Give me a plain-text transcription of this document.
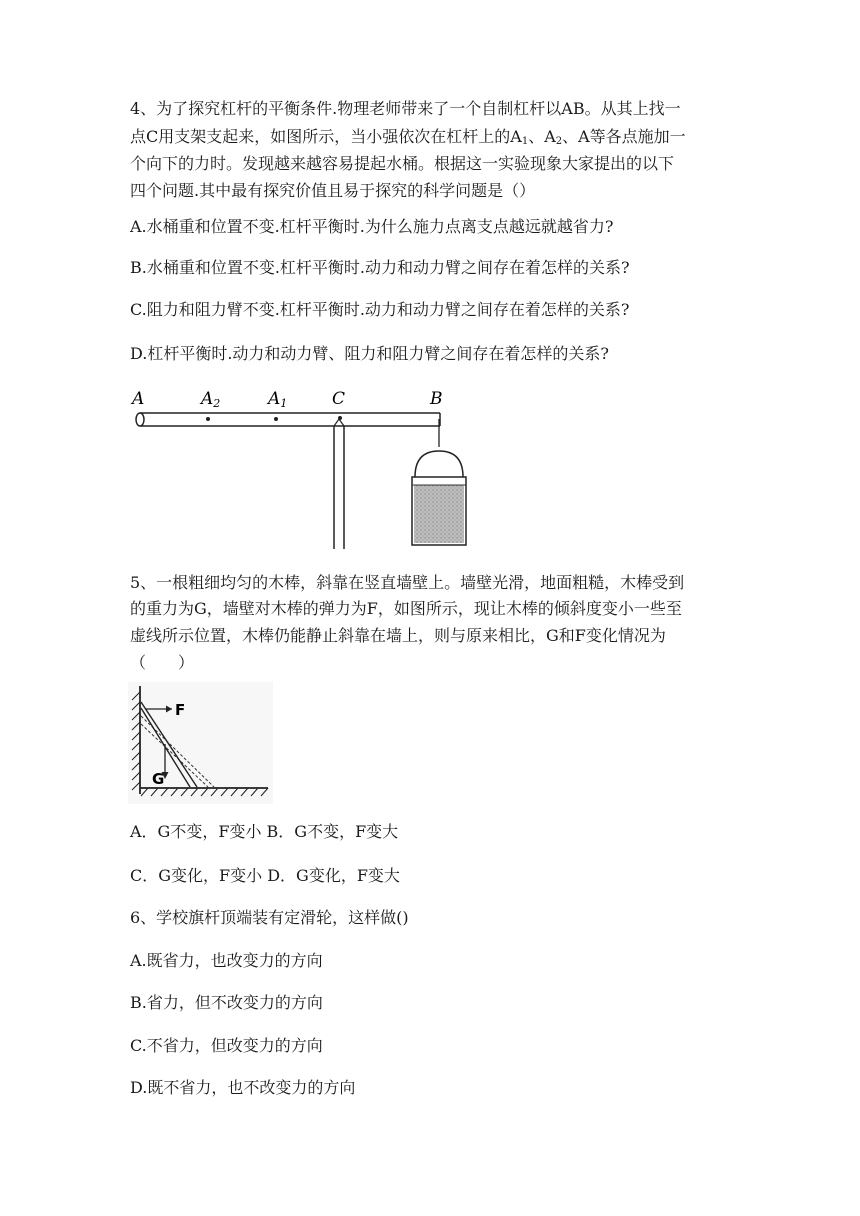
4、为了探究杠杆的平衡条件.物理老师带来了一个自制杠杆以AB。从其上找一

点C用支架支起来，如图所示，当小强依次在杠杆上的$A_1$、$A_2$、A等各点施加一

个向下的力时。发现越来越容易提起水桶。根据这一实验现象大家提出的以下

四个问题.其中最有探究价值且易于探究的科学问题是（）

A.水桶重和位置不变.杠杆平衡时.为什么施力点离支点越远就越省力?

B.水桶重和位置不变.杠杆平衡时.动力和动力臂之间存在着怎样的关系?

C.阻力和阻力臂不变.杠杆平衡时.动力和动力臂之间存在着怎样的关系?

D.杠杆平衡时.动力和动力臂、阻力和阻力臂之间存在着怎样的关系?

A	A2	A1	C	B

5、一根粗细均匀的木棒，斜靠在竖直墙壁上。墙壁光滑，地面粗糙，木棒受到

的重力为G，墙壁对木棒的弹力为F，如图所示，现让木棒的倾斜度变小一些至

虚线所示位置，木棒仍能静止斜靠在墙上，则与原来相比，G和F变化情况为

（　　）

F
G

A．G不变，F变小 B．G不变，F变大

C．G变化，F变小 D．G变化，F变大

6、学校旗杆顶端装有定滑轮，这样做()

A.既省力，也改变力的方向

B.省力，但不改变力的方向

C.不省力，但改变力的方向

D.既不省力，也不改变力的方向
